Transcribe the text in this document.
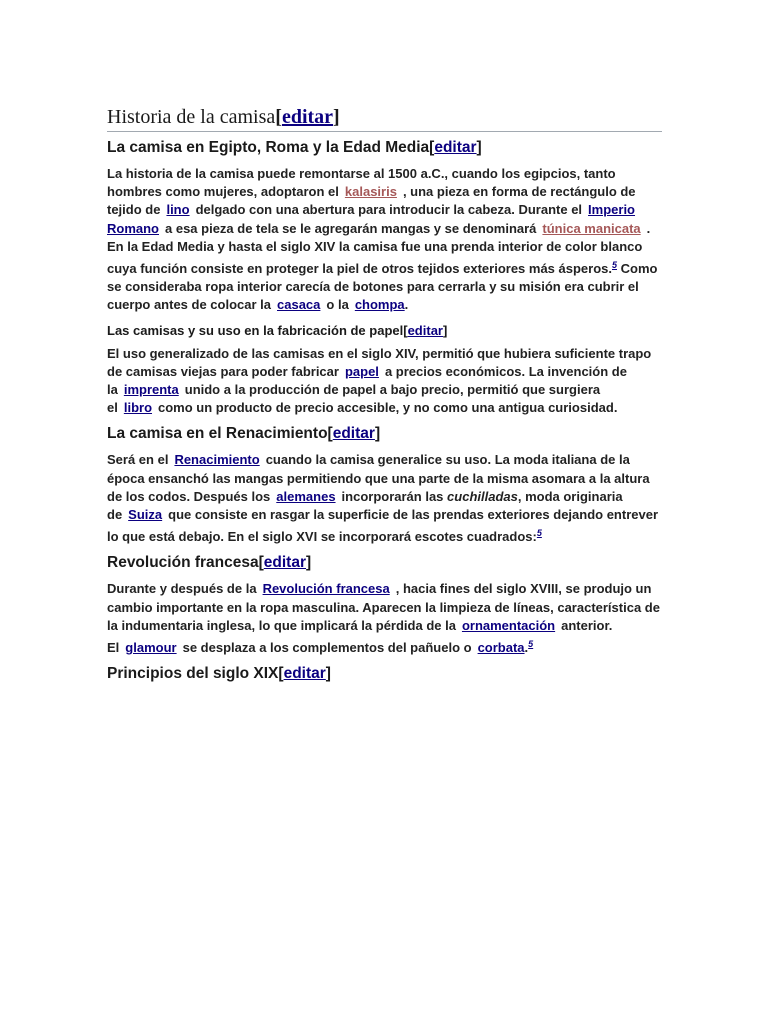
Historia de la camisa[editar]
La camisa en Egipto, Roma y la Edad Media[editar]

La historia de la camisa puede remontarse al 1500 a.C., cuando los egipcios, tanto hombres como mujeres, adoptaron el kalasiris , una pieza en forma de rectángulo de tejido de lino delgado con una abertura para introducir la cabeza. Durante el Imperio Romano a esa pieza de tela se le agregarán mangas y se denominará túnica manicata . En la Edad Media y hasta el siglo XIV la camisa fue una prenda interior de color blanco cuya función consiste en proteger la piel de otros tejidos exteriores más ásperos.$^5$ Como se consideraba ropa interior carecía de botones para cerrarla y su misión era cubrir el cuerpo antes de colocar la casaca o la chompa.

Las camisas y su uso en la fabricación de papel[editar]

El uso generalizado de las camisas en el siglo XIV, permitió que hubiera suficiente trapo de camisas viejas para poder fabricar papel a precios económicos. La invención de la imprenta unido a la producción de papel a bajo precio, permitió que surgiera el libro como un producto de precio accesible, y no como una antigua curiosidad.

La camisa en el Renacimiento[editar]

Será en el Renacimiento cuando la camisa generalice su uso. La moda italiana de la época ensanchó las mangas permitiendo que una parte de la misma asomara a la altura de los codos. Después los alemanes incorporarán las cuchilladas, moda originaria de Suiza que consiste en rasgar la superficie de las prendas exteriores dejando entrever lo que está debajo. En el siglo XVI se incorporará escotes cuadrados:$^5$

Revolución francesa[editar]

Durante y después de la Revolución francesa , hacia fines del siglo XVIII, se produjo un cambio importante en la ropa masculina. Aparecen la limpieza de líneas, característica de la indumentaria inglesa, lo que implicará la pérdida de la ornamentación anterior. El glamour se desplaza a los complementos del pañuelo o corbata.$^5$

Principios del siglo XIX[editar]
